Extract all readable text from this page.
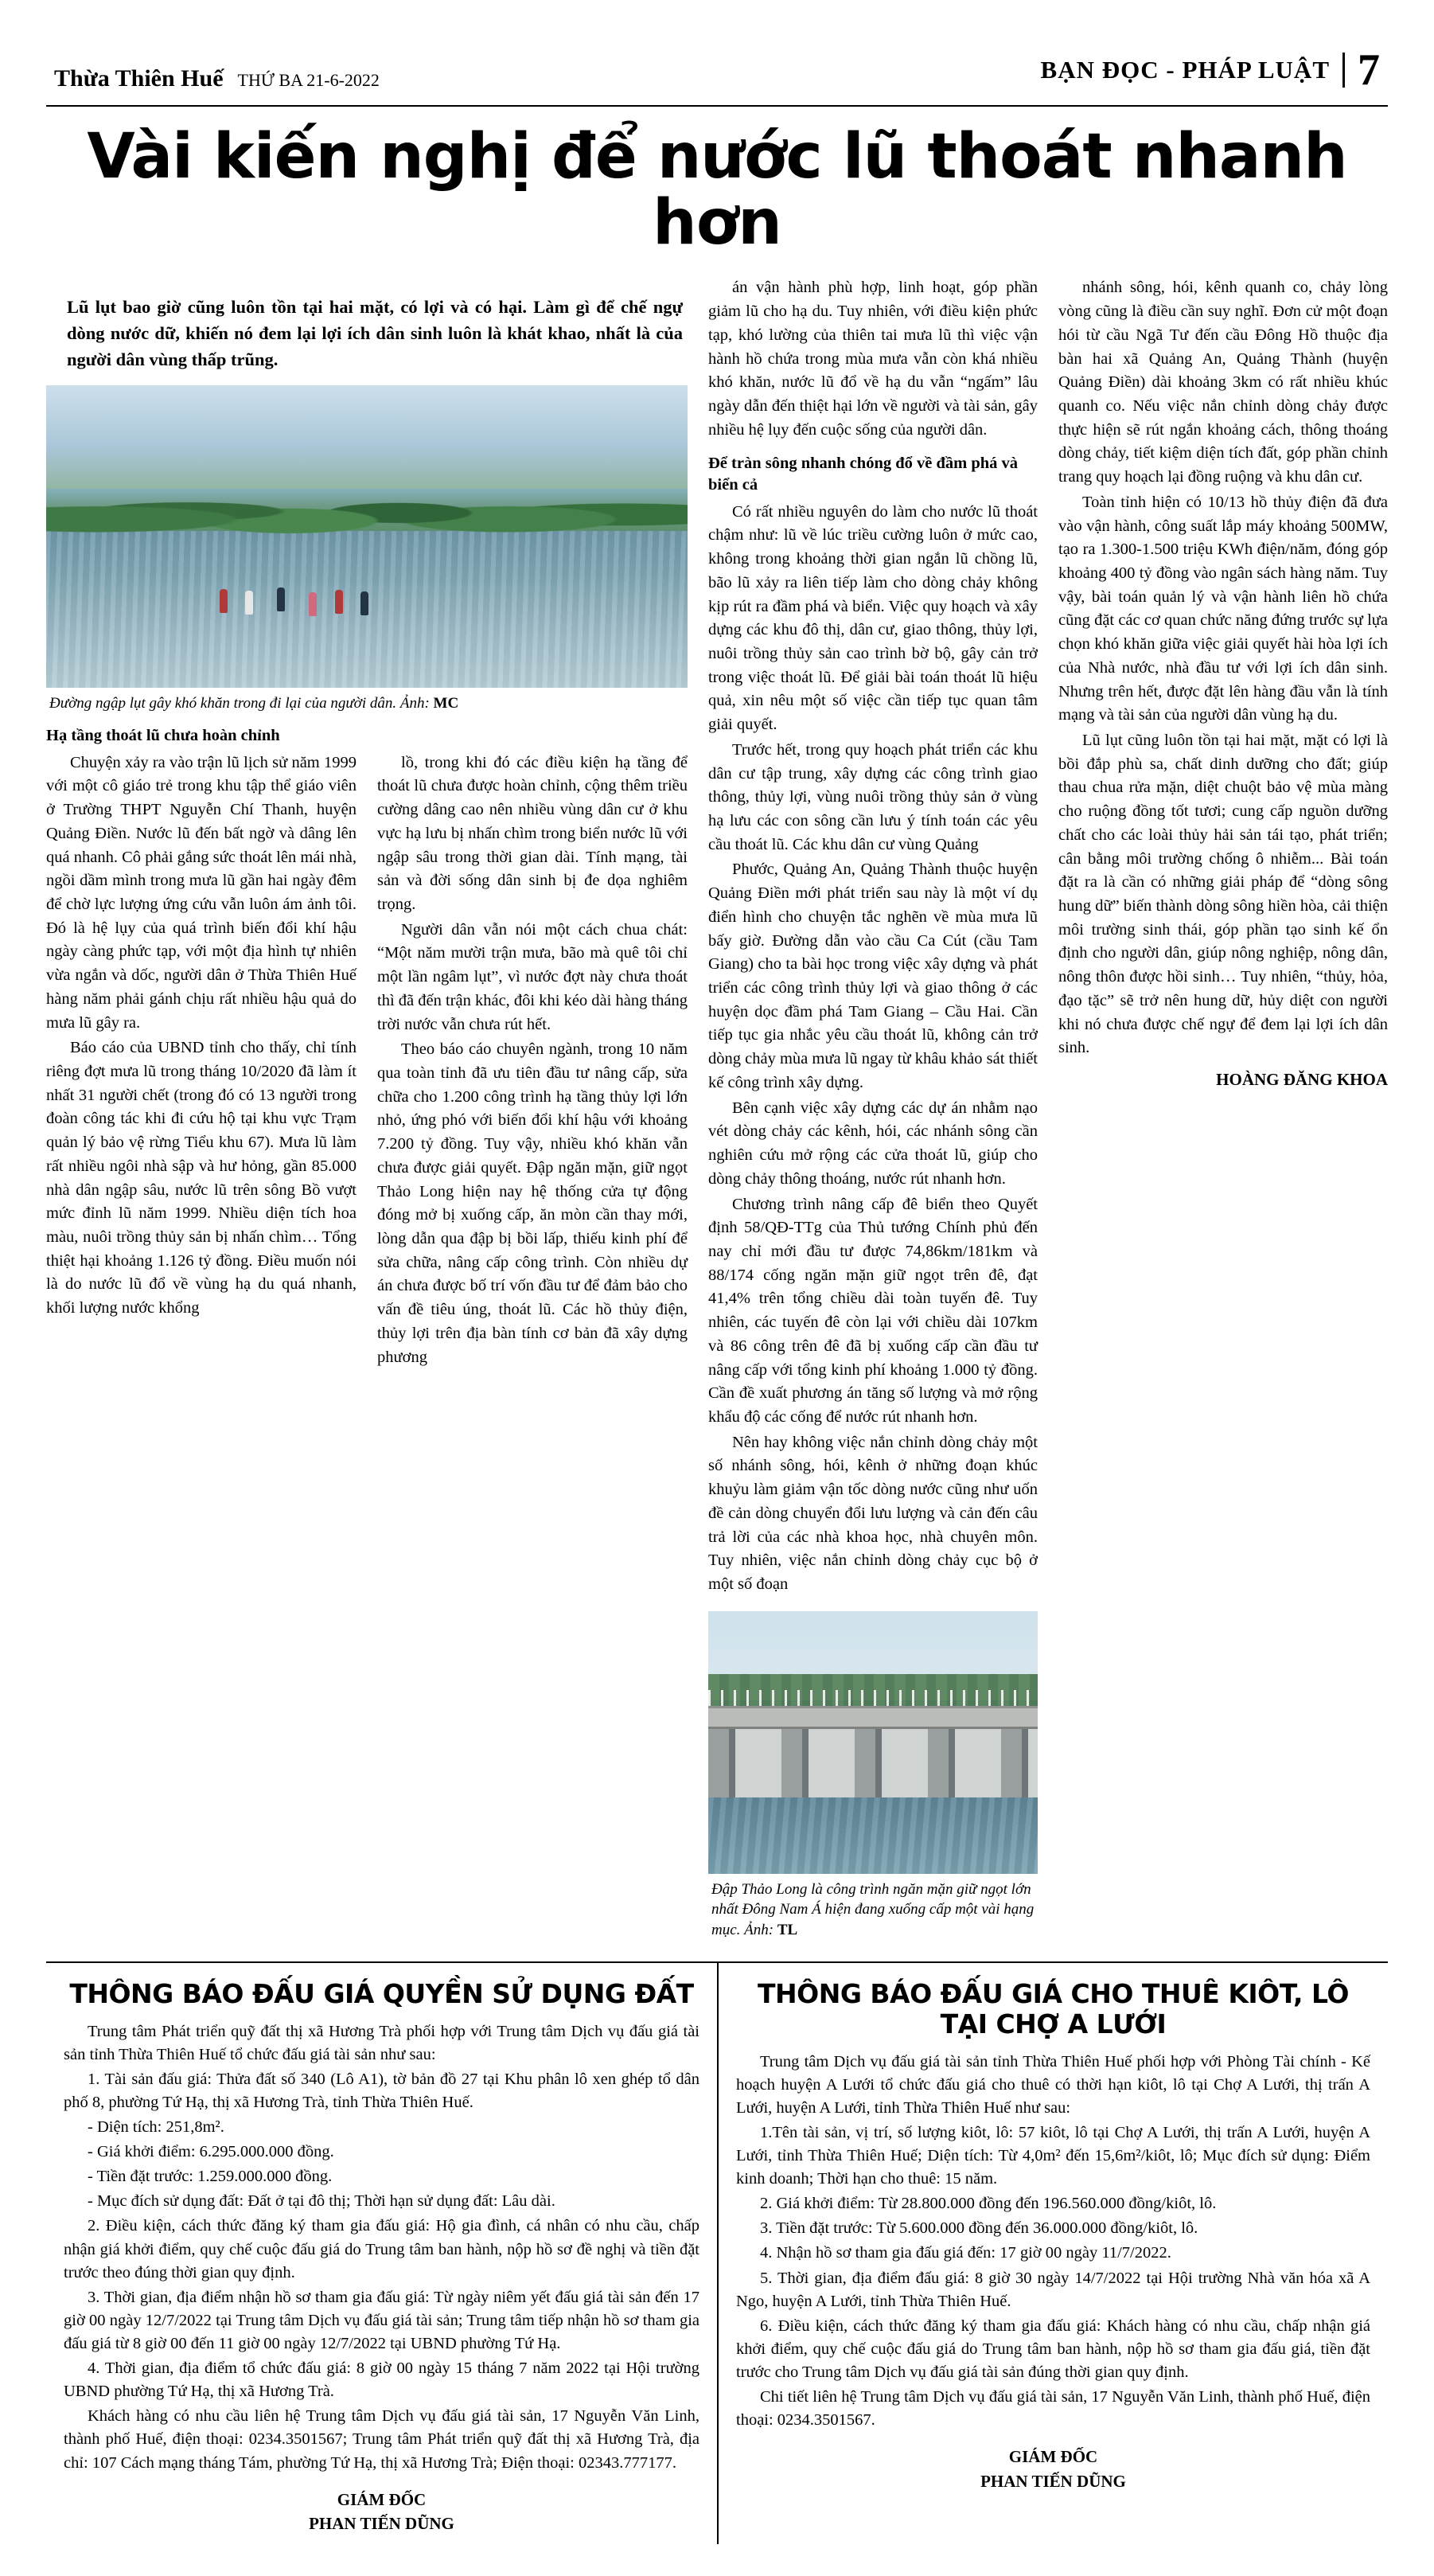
Thừa Thiên Huế THỨ BA 21-6-2022	BẠN ĐỌC - PHÁP LUẬT 7
Vài kiến nghị để nước lũ thoát nhanh hơn

Lũ lụt bao giờ cũng luôn tồn tại hai mặt, có lợi và có hại. Làm gì để chế ngự dòng nước dữ, khiến nó đem lại lợi ích dân sinh luôn là khát khao, nhất là của người dân vùng thấp trũng.

Đường ngập lụt gây khó khăn trong đi lại của người dân. Ảnh: MC
Hạ tầng thoát lũ chưa hoàn chỉnh

Chuyện xảy ra vào trận lũ lịch sử năm 1999 với một cô giáo trẻ trong khu tập thể giáo viên ở Trường THPT Nguyễn Chí Thanh, huyện Quảng Điền. Nước lũ đến bất ngờ và dâng lên quá nhanh. Cô phải gắng sức thoát lên mái nhà, ngồi dầm mình trong mưa lũ gần hai ngày đêm để chờ lực lượng ứng cứu vẫn luôn ám ảnh tôi. Đó là hệ lụy của quá trình biến đổi khí hậu ngày càng phức tạp, với một địa hình tự nhiên vừa ngắn và dốc, người dân ở Thừa Thiên Huế hàng năm phải gánh chịu rất nhiều hậu quả do mưa lũ gây ra.

Báo cáo của UBND tỉnh cho thấy, chỉ tính riêng đợt mưa lũ trong tháng 10/2020 đã làm ít nhất 31 người chết (trong đó có 13 người trong đoàn công tác khi đi cứu hộ tại khu vực Trạm quản lý bảo vệ rừng Tiểu khu 67). Mưa lũ làm rất nhiều ngôi nhà sập và hư hỏng, gần 85.000 nhà dân ngập sâu, nước lũ trên sông Bồ vượt mức đỉnh lũ năm 1999. Nhiều diện tích hoa màu, nuôi trồng thủy sản bị nhấn chìm… Tổng thiệt hại khoảng 1.126 tỷ đồng. Điều muốn nói là do nước lũ đổ về vùng hạ du quá nhanh, khối lượng nước khổng

lồ, trong khi đó các điều kiện hạ tầng để thoát lũ chưa được hoàn chỉnh, cộng thêm triều cường dâng cao nên nhiều vùng dân cư ở khu vực hạ lưu bị nhấn chìm trong biển nước lũ với ngập sâu trong thời gian dài. Tính mạng, tài sản và đời sống dân sinh bị đe dọa nghiêm trọng.

Người dân vẫn nói một cách chua chát: “Một năm mười trận mưa, bão mà quê tôi chỉ một lần ngâm lụt”, vì nước đợt này chưa thoát thì đã đến trận khác, đôi khi kéo dài hàng tháng trời nước vẫn chưa rút hết.

Theo báo cáo chuyên ngành, trong 10 năm qua toàn tỉnh đã ưu tiên đầu tư nâng cấp, sửa chữa cho 1.200 công trình hạ tầng thủy lợi lớn nhỏ, ứng phó với biến đổi khí hậu với khoảng 7.200 tỷ đồng. Tuy vậy, nhiều khó khăn vẫn chưa được giải quyết. Đập ngăn mặn, giữ ngọt Thảo Long hiện nay hệ thống cửa tự động đóng mở bị xuống cấp, ăn mòn cần thay mới, lòng dẫn qua đập bị bồi lấp, thiếu kinh phí để sửa chữa, nâng cấp công trình. Còn nhiều dự án chưa được bố trí vốn đầu tư để đảm bảo cho vấn đề tiêu úng, thoát lũ. Các hồ thủy điện, thủy lợi trên địa bàn tính cơ bản đã xây dựng phương

án vận hành phù hợp, linh hoạt, góp phần giảm lũ cho hạ du. Tuy nhiên, với điều kiện phức tạp, khó lường của thiên tai mưa lũ thì việc vận hành hồ chứa trong mùa mưa vẫn còn khá nhiều khó khăn, nước lũ đổ về hạ du vẫn “ngấm” lâu ngày dẫn đến thiệt hại lớn về người và tài sản, gây nhiều hệ lụy đến cuộc sống của người dân.

Để tràn sông nhanh chóng đổ về đầm phá và biển cả

Có rất nhiều nguyên do làm cho nước lũ thoát chậm như: lũ về lúc triều cường luôn ở mức cao, không trong khoảng thời gian ngắn lũ chồng lũ, bão lũ xảy ra liên tiếp làm cho dòng chảy không kịp rút ra đầm phá và biển. Việc quy hoạch và xây dựng các khu đô thị, dân cư, giao thông, thủy lợi, nuôi trồng thủy sản cao trình bờ bộ, gây cản trở trong việc thoát lũ. Để giải bài toán thoát lũ hiệu quả, xin nêu một số việc cần tiếp tục quan tâm giải quyết.

Trước hết, trong quy hoạch phát triển các khu dân cư tập trung, xây dựng các công trình giao thông, thủy lợi, vùng nuôi trồng thủy sản ở vùng hạ lưu các con sông cần lưu ý tính toán các yêu cầu thoát lũ. Các khu dân cư vùng Quảng

Phước, Quảng An, Quảng Thành thuộc huyện Quảng Điền mới phát triển sau này là một ví dụ điển hình cho chuyện tắc nghẽn về mùa mưa lũ bấy giờ. Đường dẫn vào cầu Ca Cút (cầu Tam Giang) cho ta bài học trong việc xây dựng và phát triển các công trình thủy lợi và giao thông ở các huyện dọc đầm phá Tam Giang – Cầu Hai. Cần tiếp tục gia nhắc yêu cầu thoát lũ, không cản trở dòng chảy mùa mưa lũ ngay từ khâu khảo sát thiết kế công trình xây dựng.

Bên cạnh việc xây dựng các dự án nhằm nạo vét dòng chảy các kênh, hói, các nhánh sông cần nghiên cứu mở rộng các cửa thoát lũ, giúp cho dòng chảy thông thoáng, nước rút nhanh hơn.

Chương trình nâng cấp đê biển theo Quyết định 58/QĐ-TTg của Thủ tướng Chính phủ đến nay chỉ mới đầu tư được 74,86km/181km và 88/174 cống ngăn mặn giữ ngọt trên đê, đạt 41,4% trên tổng chiều dài toàn tuyến đê. Tuy nhiên, các tuyến đê còn lại với chiều dài 107km và 86 công trên đê đã bị xuống cấp cần đầu tư nâng cấp với tổng kinh phí khoảng 1.000 tỷ đồng. Cần đề xuất phương án tăng số lượng và mở rộng khẩu độ các cống để nước rút nhanh hơn.

Nên hay không việc nắn chỉnh dòng chảy một số nhánh sông, hói, kênh ở những đoạn khúc khuỷu làm giảm vận tốc dòng nước cũng như uốn đề cản dòng chuyển đổi lưu lượng và cản đến câu trả lời của các nhà khoa học, nhà chuyên môn. Tuy nhiên, việc nắn chỉnh dòng chảy cục bộ ở một số đoạn

Đập Thảo Long là công trình ngăn mặn giữ ngọt lớn nhất Đông Nam Á hiện đang xuống cấp một vài hạng mục. Ảnh: TL

nhánh sông, hói, kênh quanh co, chảy lòng vòng cũng là điều cần suy nghĩ. Đơn cử một đoạn hói từ cầu Ngã Tư đến cầu Đông Hồ thuộc địa bàn hai xã Quảng An, Quảng Thành (huyện Quảng Điền) dài khoảng 3km có rất nhiều khúc quanh co. Nếu việc nắn chỉnh dòng chảy được thực hiện sẽ rút ngắn khoảng cách, thông thoáng dòng chảy, tiết kiệm diện tích đất, góp phần chỉnh trang quy hoạch lại đồng ruộng và khu dân cư.

Toàn tỉnh hiện có 10/13 hồ thủy điện đã đưa vào vận hành, công suất lắp máy khoảng 500MW, tạo ra 1.300-1.500 triệu KWh điện/năm, đóng góp khoảng 400 tỷ đồng vào ngân sách hàng năm. Tuy vậy, bài toán quản lý và vận hành liên hồ chứa cũng đặt các cơ quan chức năng đứng trước sự lựa chọn khó khăn giữa việc giải quyết hài hòa lợi ích của Nhà nước, nhà đầu tư với lợi ích dân sinh. Nhưng trên hết, được đặt lên hàng đầu vẫn là tính mạng và tài sản của người dân vùng hạ du.

Lũ lụt cũng luôn tồn tại hai mặt, mặt có lợi là bồi đắp phù sa, chất dinh dưỡng cho đất; giúp thau chua rửa mặn, diệt chuột bảo vệ mùa màng cho ruộng đồng tốt tươi; cung cấp nguồn dưỡng chất cho các loài thủy hải sản tái tạo, phát triển; cân bằng môi trường chống ô nhiễm... Bài toán đặt ra là cần có những giải pháp để “dòng sông hung dữ” biến thành dòng sông hiền hòa, cải thiện môi trường sinh thái, góp phần tạo sinh kế ổn định cho người dân, giúp nông nghiệp, nông dân, nông thôn được hồi sinh… Tuy nhiên, “thủy, hỏa, đạo tặc” sẽ trở nên hung dữ, hủy diệt con người khi nó chưa được chế ngự để đem lại lợi ích dân sinh.

HOÀNG ĐĂNG KHOA
THÔNG BÁO ĐẤU GIÁ QUYỀN SỬ DỤNG ĐẤT

Trung tâm Phát triển quỹ đất thị xã Hương Trà phối hợp với Trung tâm Dịch vụ đấu giá tài sản tỉnh Thừa Thiên Huế tổ chức đấu giá tài sản như sau:

1. Tài sản đấu giá: Thửa đất số 340 (Lô A1), tờ bản đồ 27 tại Khu phân lô xen ghép tổ dân phố 8, phường Tứ Hạ, thị xã Hương Trà, tỉnh Thừa Thiên Huế.

- Diện tích: 251,8m².

- Giá khởi điểm: 6.295.000.000 đồng.

- Tiền đặt trước: 1.259.000.000 đồng.

- Mục đích sử dụng đất: Đất ở tại đô thị; Thời hạn sử dụng đất: Lâu dài.

2. Điều kiện, cách thức đăng ký tham gia đấu giá: Hộ gia đình, cá nhân có nhu cầu, chấp nhận giá khởi điểm, quy chế cuộc đấu giá do Trung tâm ban hành, nộp hồ sơ đề nghị và tiền đặt trước theo đúng thời gian quy định.

3. Thời gian, địa điểm nhận hồ sơ tham gia đấu giá: Từ ngày niêm yết đấu giá tài sản đến 17 giờ 00 ngày 12/7/2022 tại Trung tâm Dịch vụ đấu giá tài sản; Trung tâm tiếp nhận hồ sơ tham gia đấu giá từ 8 giờ 00 đến 11 giờ 00 ngày 12/7/2022 tại UBND phường Tứ Hạ.

4. Thời gian, địa điểm tổ chức đấu giá: 8 giờ 00 ngày 15 tháng 7 năm 2022 tại Hội trường UBND phường Tứ Hạ, thị xã Hương Trà.

Khách hàng có nhu cầu liên hệ Trung tâm Dịch vụ đấu giá tài sản, 17 Nguyễn Văn Linh, thành phố Huế, điện thoại: 0234.3501567; Trung tâm Phát triển quỹ đất thị xã Hương Trà, địa chỉ: 107 Cách mạng tháng Tám, phường Tứ Hạ, thị xã Hương Trà; Điện thoại: 02343.777177.

GIÁM ĐỐC
PHAN TIẾN DŨNG
THÔNG BÁO ĐẤU GIÁ CHO THUÊ KIÔT, LÔ TẠI CHỢ A LƯỚI

Trung tâm Dịch vụ đấu giá tài sản tỉnh Thừa Thiên Huế phối hợp với Phòng Tài chính - Kế hoạch huyện A Lưới tổ chức đấu giá cho thuê có thời hạn kiôt, lô tại Chợ A Lưới, thị trấn A Lưới, huyện A Lưới, tỉnh Thừa Thiên Huế như sau:

1.Tên tài sản, vị trí, số lượng kiôt, lô: 57 kiôt, lô tại Chợ A Lưới, thị trấn A Lưới, huyện A Lưới, tỉnh Thừa Thiên Huế; Diện tích: Từ 4,0m² đến 15,6m²/kiôt, lô; Mục đích sử dụng: Điểm kinh doanh; Thời hạn cho thuê: 15 năm.

2. Giá khởi điểm: Từ 28.800.000 đồng đến 196.560.000 đồng/kiôt, lô.

3. Tiền đặt trước: Từ 5.600.000 đồng đến 36.000.000 đồng/kiôt, lô.

4. Nhận hồ sơ tham gia đấu giá đến: 17 giờ 00 ngày 11/7/2022.

5. Thời gian, địa điểm đấu giá: 8 giờ 30 ngày 14/7/2022 tại Hội trường Nhà văn hóa xã A Ngo, huyện A Lưới, tỉnh Thừa Thiên Huế.

6. Điều kiện, cách thức đăng ký tham gia đấu giá: Khách hàng có nhu cầu, chấp nhận giá khởi điểm, quy chế cuộc đấu giá do Trung tâm ban hành, nộp hồ sơ tham gia đấu giá, tiền đặt trước cho Trung tâm Dịch vụ đấu giá tài sản đúng thời gian quy định.

Chi tiết liên hệ Trung tâm Dịch vụ đấu giá tài sản, 17 Nguyễn Văn Linh, thành phố Huế, điện thoại: 0234.3501567.

GIÁM ĐỐC
PHAN TIẾN DŨNG
